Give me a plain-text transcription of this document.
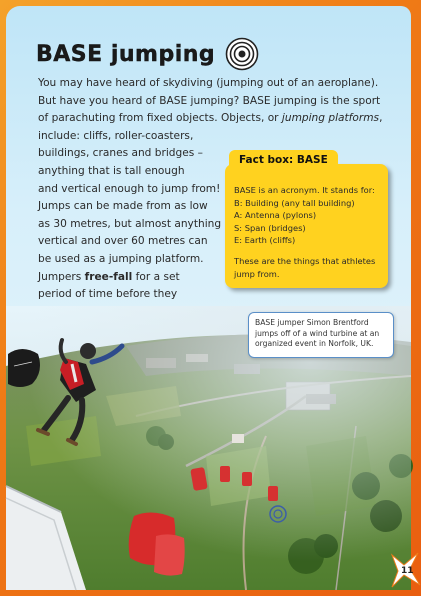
BASE jumping

You may have heard of skydiving (jumping out of an aeroplane).

But have you heard of BASE jumping? BASE jumping is the sport

of parachuting from fixed objects. Objects, or jumping platforms,

include: cliffs, roller-coasters,

buildings, cranes and bridges –

anything that is tall enough

and vertical enough to jump from!

Jumps can be made from as low

as 30 metres, but almost anything

vertical and over 60 metres can

be used as a jumping platform.

Jumpers free-fall for a set

period of time before they

Fact box: BASE
BASE is an acronym. It stands for:
B: Building (any tall building)
A: Antenna (pylons)
S: Span (bridges)
E: Earth (cliffs)
These are the things that athletes
jump from.
BASE jumper Simon Brentford
jumps off of a wind turbine at an
organized event in Norfolk, UK.
11
